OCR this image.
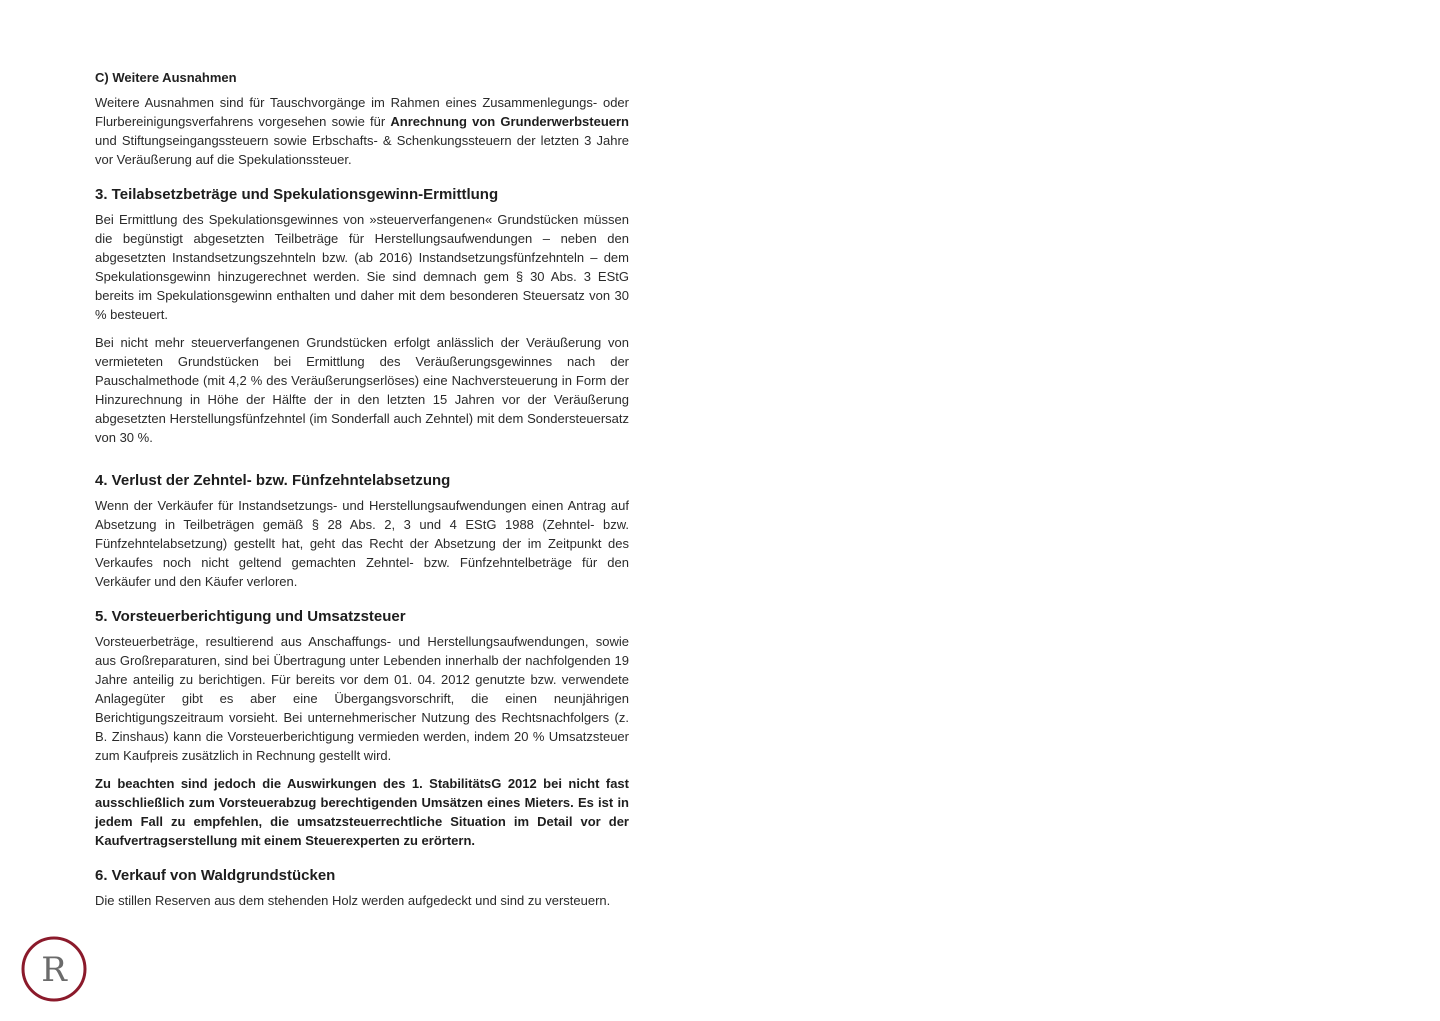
C) Weitere Ausnahmen

Weitere Ausnahmen sind für Tauschvorgänge im Rahmen eines Zusammenlegungs- oder Flurbereinigungsverfahrens vorgesehen sowie für Anrechnung von Grunderwerbsteuern und Stiftungseingangssteuern sowie Erbschafts- & Schenkungssteuern der letzten 3 Jahre vor Veräußerung auf die Spekulationssteuer.

3. Teilabsetzbeträge und Spekulationsgewinn-Ermittlung

Bei Ermittlung des Spekulationsgewinnes von »steuerverfangenen« Grundstücken müssen die begünstigt abgesetzten Teilbeträge für Herstellungsaufwendungen – neben den abgesetzten Instandsetzungszehnteln bzw. (ab 2016) Instandsetzungsfünfzehnteln – dem Spekulationsgewinn hinzugerechnet werden. Sie sind demnach gem § 30 Abs. 3 EStG bereits im Spekulationsgewinn enthalten und daher mit dem besonderen Steuersatz von 30 % besteuert.

Bei nicht mehr steuerverfangenen Grundstücken erfolgt anlässlich der Veräußerung von vermieteten Grundstücken bei Ermittlung des Veräußerungsgewinnes nach der Pauschalmethode (mit 4,2 % des Veräußerungserlöses) eine Nachversteuerung in Form der Hinzurechnung in Höhe der Hälfte der in den letzten 15 Jahren vor der Veräußerung abgesetzten Herstellungsfünfzehntel (im Sonderfall auch Zehntel) mit dem Sondersteuersatz von 30 %.

4. Verlust der Zehntel- bzw. Fünfzehntelabsetzung

Wenn der Verkäufer für Instandsetzungs- und Herstellungsaufwendungen einen Antrag auf Absetzung in Teilbeträgen gemäß § 28 Abs. 2, 3 und 4 EStG 1988 (Zehntel- bzw. Fünfzehntelabsetzung) gestellt hat, geht das Recht der Absetzung der im Zeitpunkt des Verkaufes noch nicht geltend gemachten Zehntel- bzw. Fünfzehntelbeträge für den Verkäufer und den Käufer verloren.

5. Vorsteuerberichtigung und Umsatzsteuer

Vorsteuerbeträge, resultierend aus Anschaffungs- und Herstellungsaufwendungen, sowie aus Großreparaturen, sind bei Übertragung unter Lebenden innerhalb der nachfolgenden 19 Jahre anteilig zu berichtigen. Für bereits vor dem 01. 04. 2012 genutzte bzw. verwendete Anlagegüter gibt es aber eine Übergangsvorschrift, die einen neunjährigen Berichtigungszeitraum vorsieht. Bei unternehmerischer Nutzung des Rechtsnachfolgers (z. B. Zinshaus) kann die Vorsteuerberichtigung vermieden werden, indem 20 % Umsatzsteuer zum Kaufpreis zusätzlich in Rechnung gestellt wird.

Zu beachten sind jedoch die Auswirkungen des 1. StabilitätsG 2012 bei nicht fast ausschließlich zum Vorsteuerabzug berechtigenden Umsätzen eines Mieters. Es ist in jedem Fall zu empfehlen, die umsatzsteuerrechtliche Situation im Detail vor der Kaufvertragserstellung mit einem Steuerexperten zu erörtern.

6. Verkauf von Waldgrundstücken

Die stillen Reserven aus dem stehenden Holz werden aufgedeckt und sind zu versteuern.

R
